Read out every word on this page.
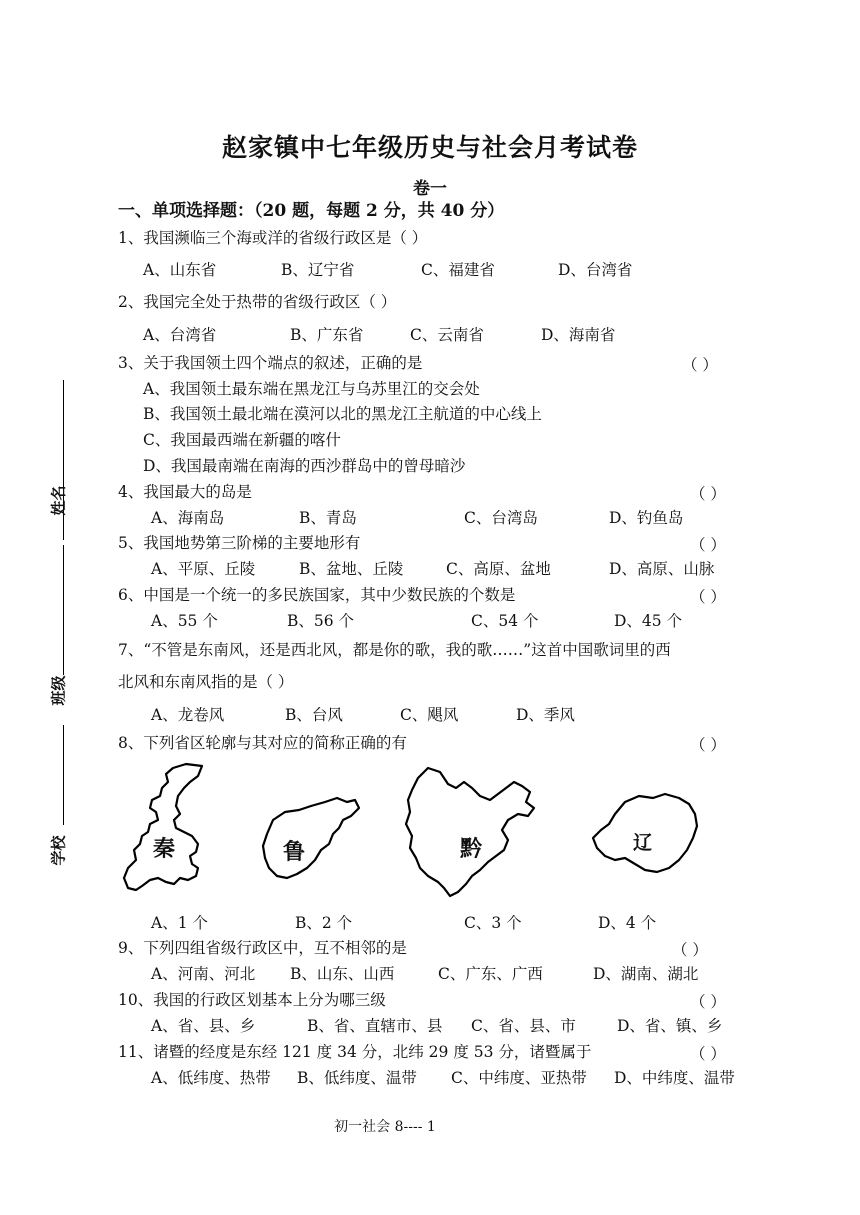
赵家镇中七年级历史与社会月考试卷
卷一
一、单项选择题：（20 题，每题 2 分，共 40 分）
姓名
班级
学校
1、我国濒临三个海或洋的省级行政区是（ ）
A、山东省	B、辽宁省	C、福建省	D、台湾省
2、我国完全处于热带的省级行政区（ ）
A、台湾省	B、广东省	C、云南省	D、海南省
3、关于我国领土四个端点的叙述，正确的是	（ ）
A、我国领土最东端在黑龙江与乌苏里江的交会处
B、我国领土最北端在漠河以北的黑龙江主航道的中心线上
C、我国最西端在新疆的喀什
D、我国最南端在南海的西沙群岛中的曾母暗沙
4、我国最大的岛是	（ ）
A、海南岛	B、青岛	C、台湾岛	D、钓鱼岛
5、我国地势第三阶梯的主要地形有	（ ）
A、平原、丘陵	B、盆地、丘陵	C、高原、盆地	D、高原、山脉
6、中国是一个统一的多民族国家，其中少数民族的个数是	（ ）
A、55 个	B、56 个	C、54 个	D、45 个
7、“不管是东南风，还是西北风，都是你的歌，我的歌……”这首中国歌词里的西
北风和东南风指的是（ ）
A、龙卷风	B、台风	C、飓风	D、季风
8、下列省区轮廓与其对应的简称正确的有	（ ）
秦	鲁	黔	辽
A、1 个	B、2 个	C、3 个	D、4 个
9、下列四组省级行政区中，互不相邻的是	（ ）
A、河南、河北 B、山东、山西	C、广东、广西	D、湖南、湖北
10、我国的行政区划基本上分为哪三级	（ ）
A、省、县、乡	B、省、直辖市、县 C、省、县、市	D、省、镇、乡
11、诸暨的经度是东经 121 度 34 分，北纬 29 度 53 分，诸暨属于	（ ）
A、低纬度、热带 B、低纬度、温带 C、中纬度、亚热带 D、中纬度、温带
初一社会 8---- 1
